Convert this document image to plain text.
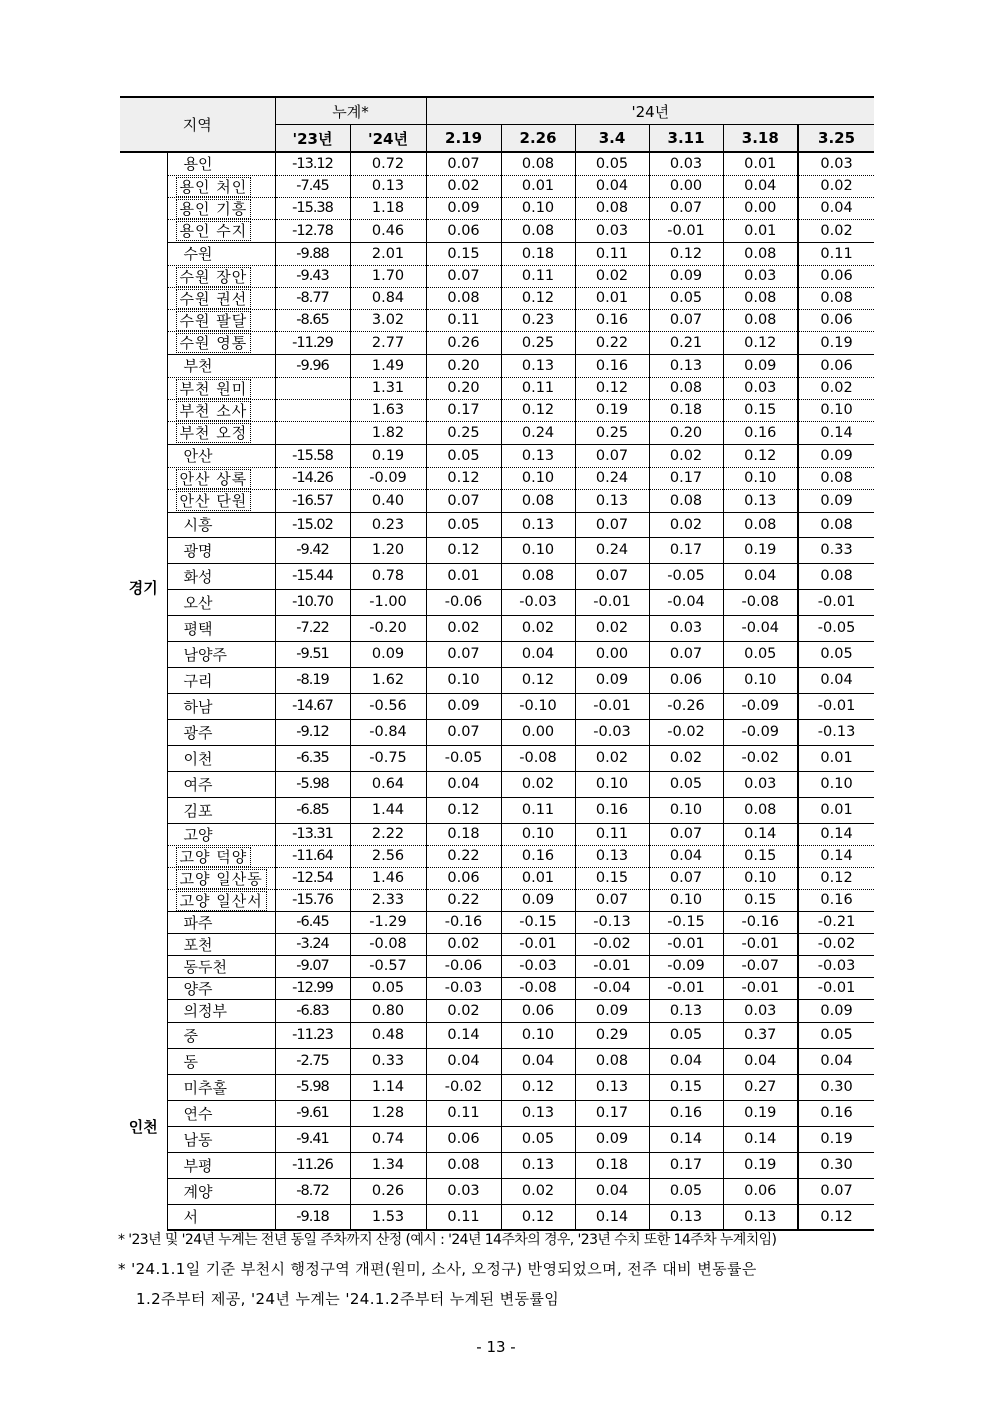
지역		누계*		'24년					
		'23년	'24년	2.19	2.26	3.4	3.11	3.18	3.25
경기	용인	-13.12	0.72	0.07	0.08	0.05	0.03	0.01	0.03
	용인 처인	-7.45	0.13	0.02	0.01	0.04	0.00	0.04	0.02
	용인 기흥	-15.38	1.18	0.09	0.10	0.08	0.07	0.00	0.04
	용인 수지	-12.78	0.46	0.06	0.08	0.03	-0.01	0.01	0.02
	수원	-9.88	2.01	0.15	0.18	0.11	0.12	0.08	0.11
	수원 장안	-9.43	1.70	0.07	0.11	0.02	0.09	0.03	0.06
	수원 권선	-8.77	0.84	0.08	0.12	0.01	0.05	0.08	0.08
	수원 팔달	-8.65	3.02	0.11	0.23	0.16	0.07	0.08	0.06
	수원 영통	-11.29	2.77	0.26	0.25	0.22	0.21	0.12	0.19
	부천	-9.96	1.49	0.20	0.13	0.16	0.13	0.09	0.06
	부천 원미		1.31	0.20	0.11	0.12	0.08	0.03	0.02
	부천 소사		1.63	0.17	0.12	0.19	0.18	0.15	0.10
	부천 오정		1.82	0.25	0.24	0.25	0.20	0.16	0.14
	안산	-15.58	0.19	0.05	0.13	0.07	0.02	0.12	0.09
	안산 상록	-14.26	-0.09	0.12	0.10	0.24	0.17	0.10	0.08
	안산 단원	-16.57	0.40	0.07	0.08	0.13	0.08	0.13	0.09
	시흥	-15.02	0.23	0.05	0.13	0.07	0.02	0.08	0.08
	광명	-9.42	1.20	0.12	0.10	0.24	0.17	0.19	0.33
	화성	-15.44	0.78	0.01	0.08	0.07	-0.05	0.04	0.08
	오산	-10.70	-1.00	-0.06	-0.03	-0.01	-0.04	-0.08	-0.01
	평택	-7.22	-0.20	0.02	0.02	0.02	0.03	-0.04	-0.05
	남양주	-9.51	0.09	0.07	0.04	0.00	0.07	0.05	0.05
	구리	-8.19	1.62	0.10	0.12	0.09	0.06	0.10	0.04
	하남	-14.67	-0.56	0.09	-0.10	-0.01	-0.26	-0.09	-0.01
	광주	-9.12	-0.84	0.07	0.00	-0.03	-0.02	-0.09	-0.13
	이천	-6.35	-0.75	-0.05	-0.08	0.02	0.02	-0.02	0.01
	여주	-5.98	0.64	0.04	0.02	0.10	0.05	0.03	0.10
	김포	-6.85	1.44	0.12	0.11	0.16	0.10	0.08	0.01
	고양	-13.31	2.22	0.18	0.10	0.11	0.07	0.14	0.14
	고양 덕양	-11.64	2.56	0.22	0.16	0.13	0.04	0.15	0.14
	고양 일산동	-12.54	1.46	0.06	0.01	0.15	0.07	0.10	0.12
	고양 일산서	-15.76	2.33	0.22	0.09	0.07	0.10	0.15	0.16
	파주	-6.45	-1.29	-0.16	-0.15	-0.13	-0.15	-0.16	-0.21
	포천	-3.24	-0.08	0.02	-0.01	-0.02	-0.01	-0.01	-0.02
	동두천	-9.07	-0.57	-0.06	-0.03	-0.01	-0.09	-0.07	-0.03
	양주	-12.99	0.05	-0.03	-0.08	-0.04	-0.01	-0.01	-0.01
	의정부	-6.83	0.80	0.02	0.06	0.09	0.13	0.03	0.09
인천	중	-11.23	0.48	0.14	0.10	0.29	0.05	0.37	0.05
	동	-2.75	0.33	0.04	0.04	0.08	0.04	0.04	0.04
	미추홀	-5.98	1.14	-0.02	0.12	0.13	0.15	0.27	0.30
	연수	-9.61	1.28	0.11	0.13	0.17	0.16	0.19	0.16
	남동	-9.41	0.74	0.06	0.05	0.09	0.14	0.14	0.19
	부평	-11.26	1.34	0.08	0.13	0.18	0.17	0.19	0.30
	계양	-8.72	0.26	0.03	0.02	0.04	0.05	0.06	0.07
	서	-9.18	1.53	0.11	0.12	0.14	0.13	0.13	0.12
* '23년 및 '24년 누계는 전년 동일 주차까지 산정 (예시 : '24년 14주차의 경우, '23년 수치 또한 14주차 누계치임)
* '24.1.1일 기준 부천시 행정구역 개편(원미, 소사, 오정구) 반영되었으며, 전주 대비 변동률은
1.2주부터 제공, '24년 누계는 '24.1.2주부터 누계된 변동률임
- 13 -
